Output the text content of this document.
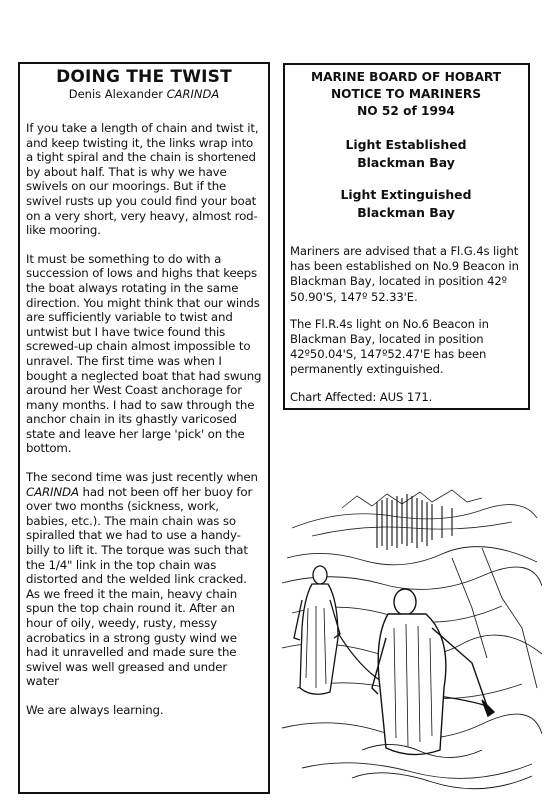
DOING THE TWIST
Denis Alexander CARINDA

If you take a length of chain and twist it, and keep twisting it, the links wrap into a tight spiral and the chain is shortened by about half. That is why we have swivels on our moorings. But if the swivel rusts up you could find your boat on a very short, very heavy, almost rod-like mooring.

It must be something to do with a succession of lows and highs that keeps the boat always rotating in the same direction. You might think that our winds are sufficiently variable to twist and untwist but I have twice found this screwed-up chain almost impossible to unravel. The first time was when I bought a neglected boat that had swung around her West Coast anchorage for many months. I had to saw through the anchor chain in its ghastly varicosed state and leave her large 'pick' on the bottom.

The second time was just recently when CARINDA had not been off her buoy for over two months (sickness, work, babies, etc.). The main chain was so spiralled that we had to use a handy-billy to lift it. The torque was such that the 1/4" link in the top chain was distorted and the welded link cracked. As we freed it the main, heavy chain spun the top chain round it. After an hour of oily, weedy, rusty, messy acrobatics in a strong gusty wind we had it unravelled and made sure the swivel was well greased and under water

We are always learning.

MARINE BOARD OF HOBART
NOTICE TO MARINERS
NO 52 of 1994
Light Established
Blackman Bay
Light Extinguished
Blackman Bay

Mariners are advised that a Fl.G.4s light has been established on No.9 Beacon in Blackman Bay, located in position 42º 50.90'S, 147º 52.33'E.

The Fl.R.4s light on No.6 Beacon in Blackman Bay, located in position 42º50.04'S, 147º52.47'E has been permanently extinguished.

Chart Affected: AUS 171.
